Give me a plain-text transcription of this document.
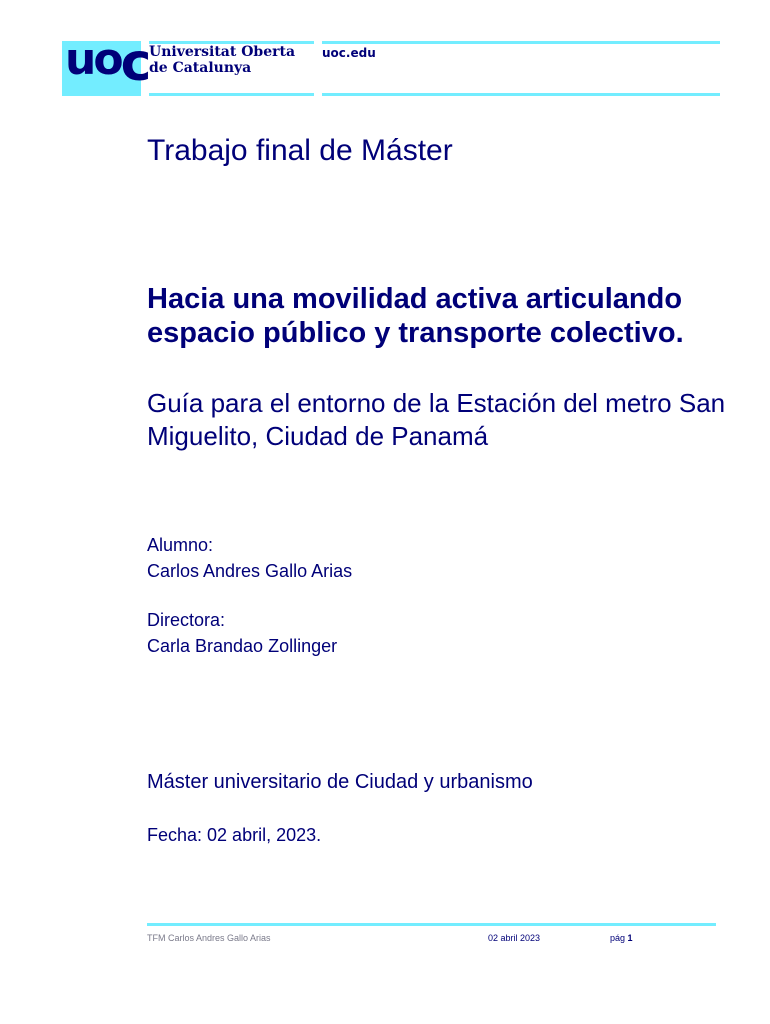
uoc Universitat Oberta
de Catalunya
uoc.edu
Trabajo final de Máster
Hacia una movilidad activa articulando espacio público y transporte colectivo.
Guía para el entorno de la Estación del metro San Miguelito, Ciudad de Panamá
Alumno:
Carlos Andres Gallo Arias
Directora:
Carla Brandao Zollinger
Máster universitario de Ciudad y urbanismo
Fecha: 02 abril, 2023.
TFM Carlos Andres Gallo Arias	02 abril 2023	pág 1
